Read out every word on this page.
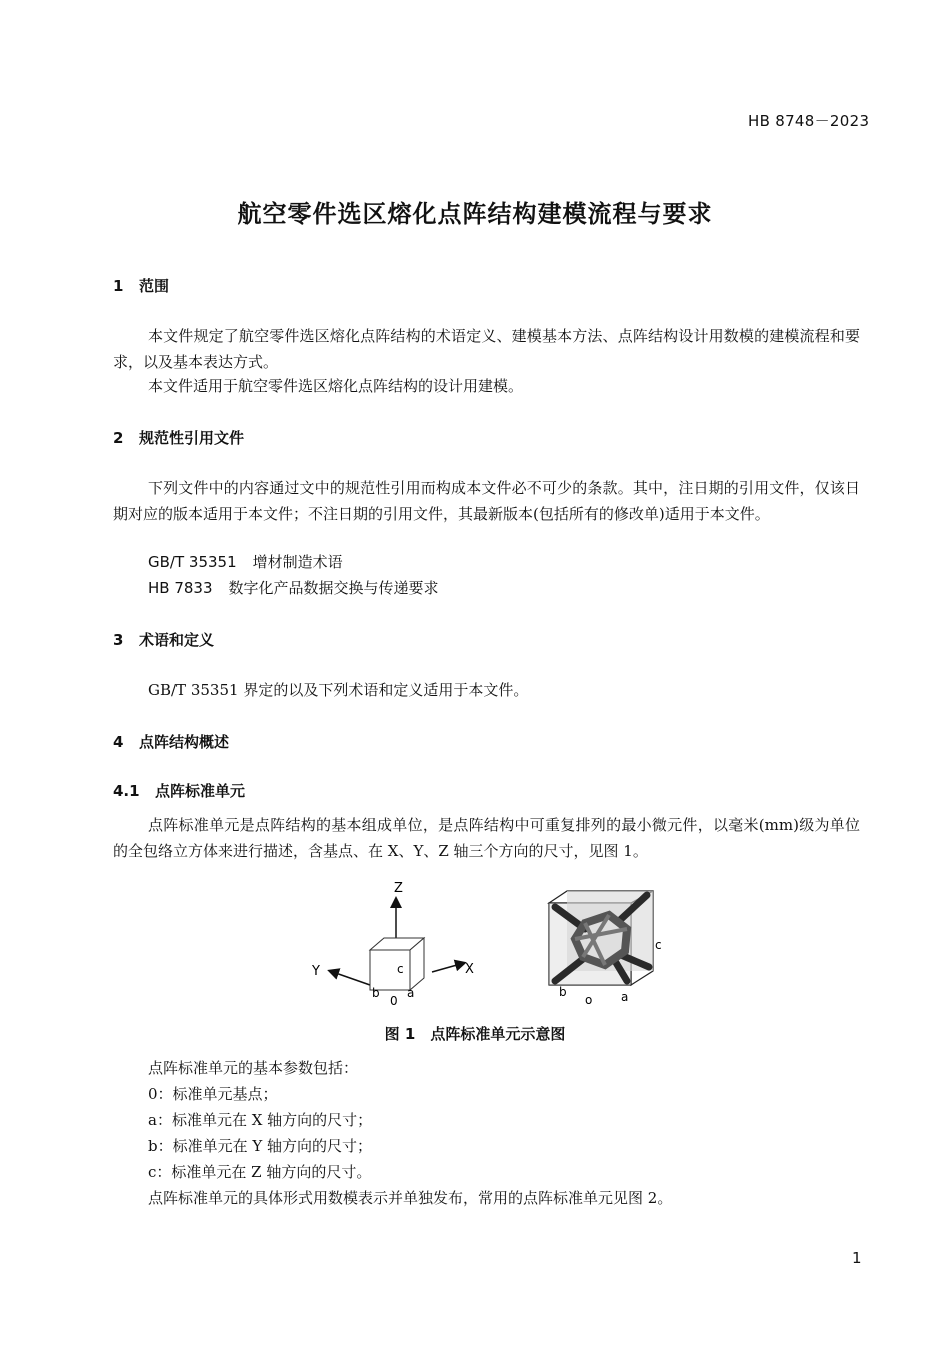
HB 8748－2023
航空零件选区熔化点阵结构建模流程与要求
1 范围
本文件规定了航空零件选区熔化点阵结构的术语定义、建模基本方法、点阵结构设计用数模的建模流程和要求，以及基本表达方式。
本文件适用于航空零件选区熔化点阵结构的设计用建模。
2 规范性引用文件
下列文件中的内容通过文中的规范性引用而构成本文件必不可少的条款。其中，注日期的引用文件，仅该日期对应的版本适用于本文件；不注日期的引用文件，其最新版本(包括所有的修改单)适用于本文件。
GB/T 35351 增材制造术语
HB 7833 数字化产品数据交换与传递要求
3 术语和定义
GB/T 35351 界定的以及下列术语和定义适用于本文件。
4 点阵结构概述
4.1 点阵标准单元
点阵标准单元是点阵结构的基本组成单位，是点阵结构中可重复排列的最小微元件，以毫米(mm)级为单位的全包络立方体来进行描述，含基点、在 X、Y、Z 轴三个方向的尺寸，见图 1。
Z
X
Y	c
b a
0
c
b	a
o
图 1　点阵标准单元示意图
点阵标准单元的基本参数包括：
0：标准单元基点；
a：标准单元在 X 轴方向的尺寸；
b：标准单元在 Y 轴方向的尺寸；
c：标准单元在 Z 轴方向的尺寸。
点阵标准单元的具体形式用数模表示并单独发布，常用的点阵标准单元见图 2。
1
